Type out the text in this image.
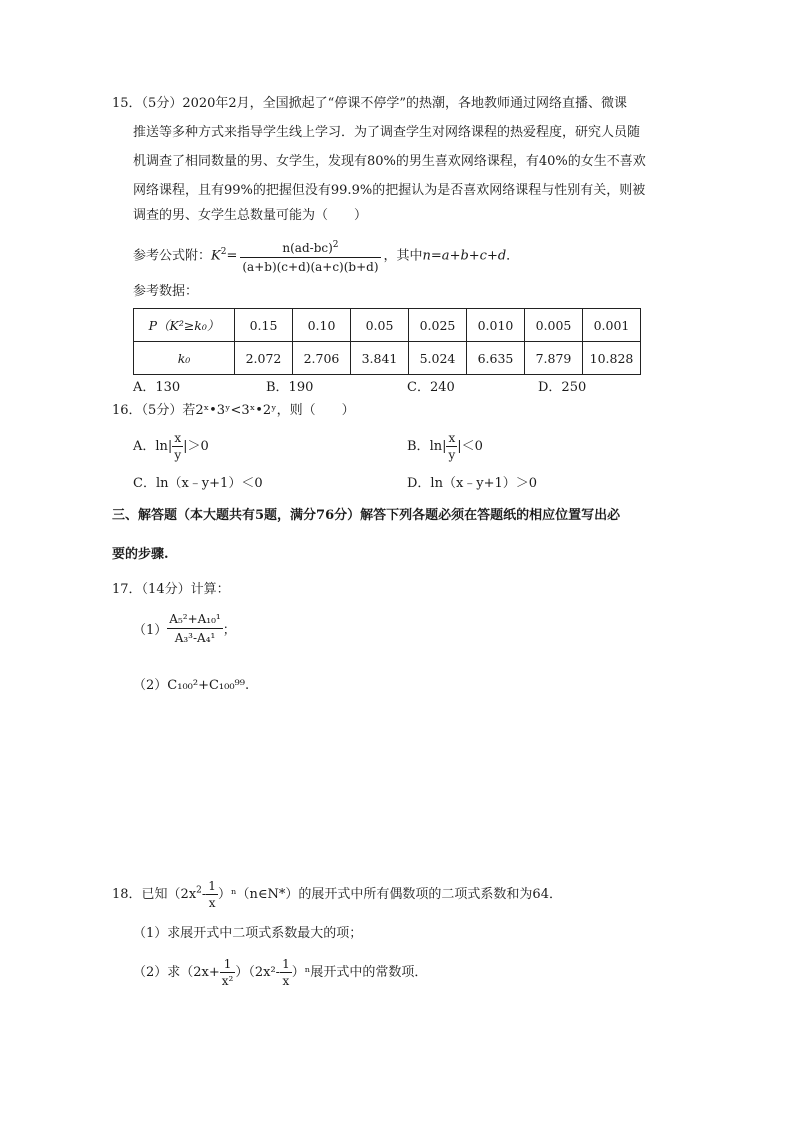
15．（5分）2020年2月，全国掀起了“停课不停学”的热潮，各地教师通过网络直播、微课
推送等多种方式来指导学生线上学习．为了调查学生对网络课程的热爱程度，研究人员随
机调查了相同数量的男、女学生，发现有80%的男生喜欢网络课程，有40%的女生不喜欢
网络课程，且有99%的把握但没有99.9%的把握认为是否喜欢网络课程与性别有关，则被
调查的男、女学生总数量可能为（　　）
参考公式附：$K^2= \frac{n(ad-bc)^2}{(a+b)(c+d)(a+c)(b+d)}$ ，其中n=a+b+c+d．
参考数据：
P（K²≥k₀）	0.15	0.10	0.05	0.025	0.010	0.005	0.001
k₀	2.072	2.706	3.841	5.024	6.635	7.879	10.828
A．130	B．190	C．240	D．250
16．（5分）若2ˣ•3ʸ<3ˣ•2ʸ，则（　　）
A．$\ln| \frac{x}{y} |>0$	B．$\ln| \frac{x}{y} |<0$
C．ln（x﹣y+1）＜0	D．ln（x﹣y+1）＞0
三、解答题（本大题共有5题，满分76分）解答下列各题必须在答题纸的相应位置写出必
要的步骤.
17．（14分）计算：
$(1) \frac{\text{A₅²+A₁₀¹}}{\text{A₃³-A₄¹}}$ ；
（2）C₁₀₀²+C₁₀₀⁹⁹.
18．已知（$2x^2- \frac{1}{x}$ ）ⁿ（n∈N*）的展开式中所有偶数项的二项式系数和为64．
（1）求展开式中二项式系数最大的项；
（2）求$(2x+ \frac{1}{\text{x²}} )(2x^2- \frac{1}{x} )^n$展开式中的常数项．
